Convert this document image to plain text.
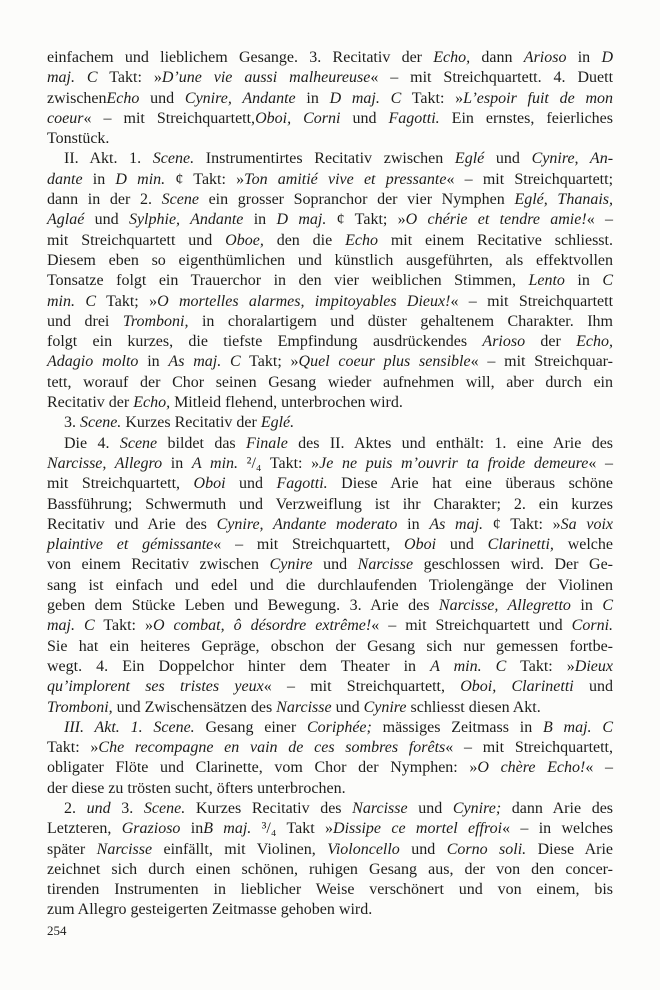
einfachem und lieblichem Gesange. 3. Recitativ der Echo, dann Arioso in D
maj. C Takt: »D’une vie aussi malheureuse« – mit Streichquartett. 4. Duett
zwischenEcho und Cynire, Andante in D maj. C Takt: »L’espoir fuit de mon
coeur« – mit Streichquartett,Oboi, Corni und Fagotti. Ein ernstes, feierliches
Tonstück.
II. Akt. 1. Scene. Instrumentirtes Recitativ zwischen Eglé und Cynire, An-
dante in D min. ¢ Takt: »Ton amitié vive et pressante« – mit Streichquartett;
dann in der 2. Scene ein grosser Sopranchor der vier Nymphen Eglé, Thanais,
Aglaé und Sylphie, Andante in D maj. ¢ Takt; »O chérie et tendre amie!« –
mit Streichquartett und Oboe, den die Echo mit einem Recitative schliesst.
Diesem eben so eigenthümlichen und künstlich ausgeführten, als effektvollen
Tonsatze folgt ein Trauerchor in den vier weiblichen Stimmen, Lento in C
min. C Takt; »O mortelles alarmes, impitoyables Dieux!« – mit Streichquartett
und drei Tromboni, in choralartigem und düster gehaltenem Charakter. Ihm
folgt ein kurzes, die tiefste Empfindung ausdrückendes Arioso der Echo,
Adagio molto in As maj. C Takt; »Quel coeur plus sensible« – mit Streichquar-
tett, worauf der Chor seinen Gesang wieder aufnehmen will, aber durch ein
Recitativ der Echo, Mitleid flehend, unterbrochen wird.
3. Scene. Kurzes Recitativ der Eglé.
Die 4. Scene bildet das Finale des II. Aktes und enthält: 1. eine Arie des
Narcisse, Allegro in A min. ²/₄ Takt: »Je ne puis m’ouvrir ta froide demeure« –
mit Streichquartett, Oboi und Fagotti. Diese Arie hat eine überaus schöne
Bassführung; Schwermuth und Verzweiflung ist ihr Charakter; 2. ein kurzes
Recitativ und Arie des Cynire, Andante moderato in As maj. ¢ Takt: »Sa voix
plaintive et gémissante« – mit Streichquartett, Oboi und Clarinetti, welche
von einem Recitativ zwischen Cynire und Narcisse geschlossen wird. Der Ge-
sang ist einfach und edel und die durchlaufenden Triolengänge der Violinen
geben dem Stücke Leben und Bewegung. 3. Arie des Narcisse, Allegretto in C
maj. C Takt: »O combat, ô désordre extrême!« – mit Streichquartett und Corni.
Sie hat ein heiteres Gepräge, obschon der Gesang sich nur gemessen fortbe-
wegt. 4. Ein Doppelchor hinter dem Theater in A min. C Takt: »Dieux
qu’implorent ses tristes yeux« – mit Streichquartett, Oboi, Clarinetti und
Tromboni, und Zwischensätzen des Narcisse und Cynire schliesst diesen Akt.
III. Akt. 1. Scene. Gesang einer Coriphée; mässiges Zeitmass in B maj. C
Takt: »Che recompagne en vain de ces sombres forêts« – mit Streichquartett,
obligater Flöte und Clarinette, vom Chor der Nymphen: »O chère Echo!« –
der diese zu trösten sucht, öfters unterbrochen.
2. und 3. Scene. Kurzes Recitativ des Narcisse und Cynire; dann Arie des
Letzteren, Grazioso inB maj. ³/₄ Takt »Dissipe ce mortel effroi« – in welches
später Narcisse einfällt, mit Violinen, Violoncello und Corno soli. Diese Arie
zeichnet sich durch einen schönen, ruhigen Gesang aus, der von den concer-
tirenden Instrumenten in lieblicher Weise verschönert und von einem, bis
zum Allegro gesteigerten Zeitmasse gehoben wird.
254
